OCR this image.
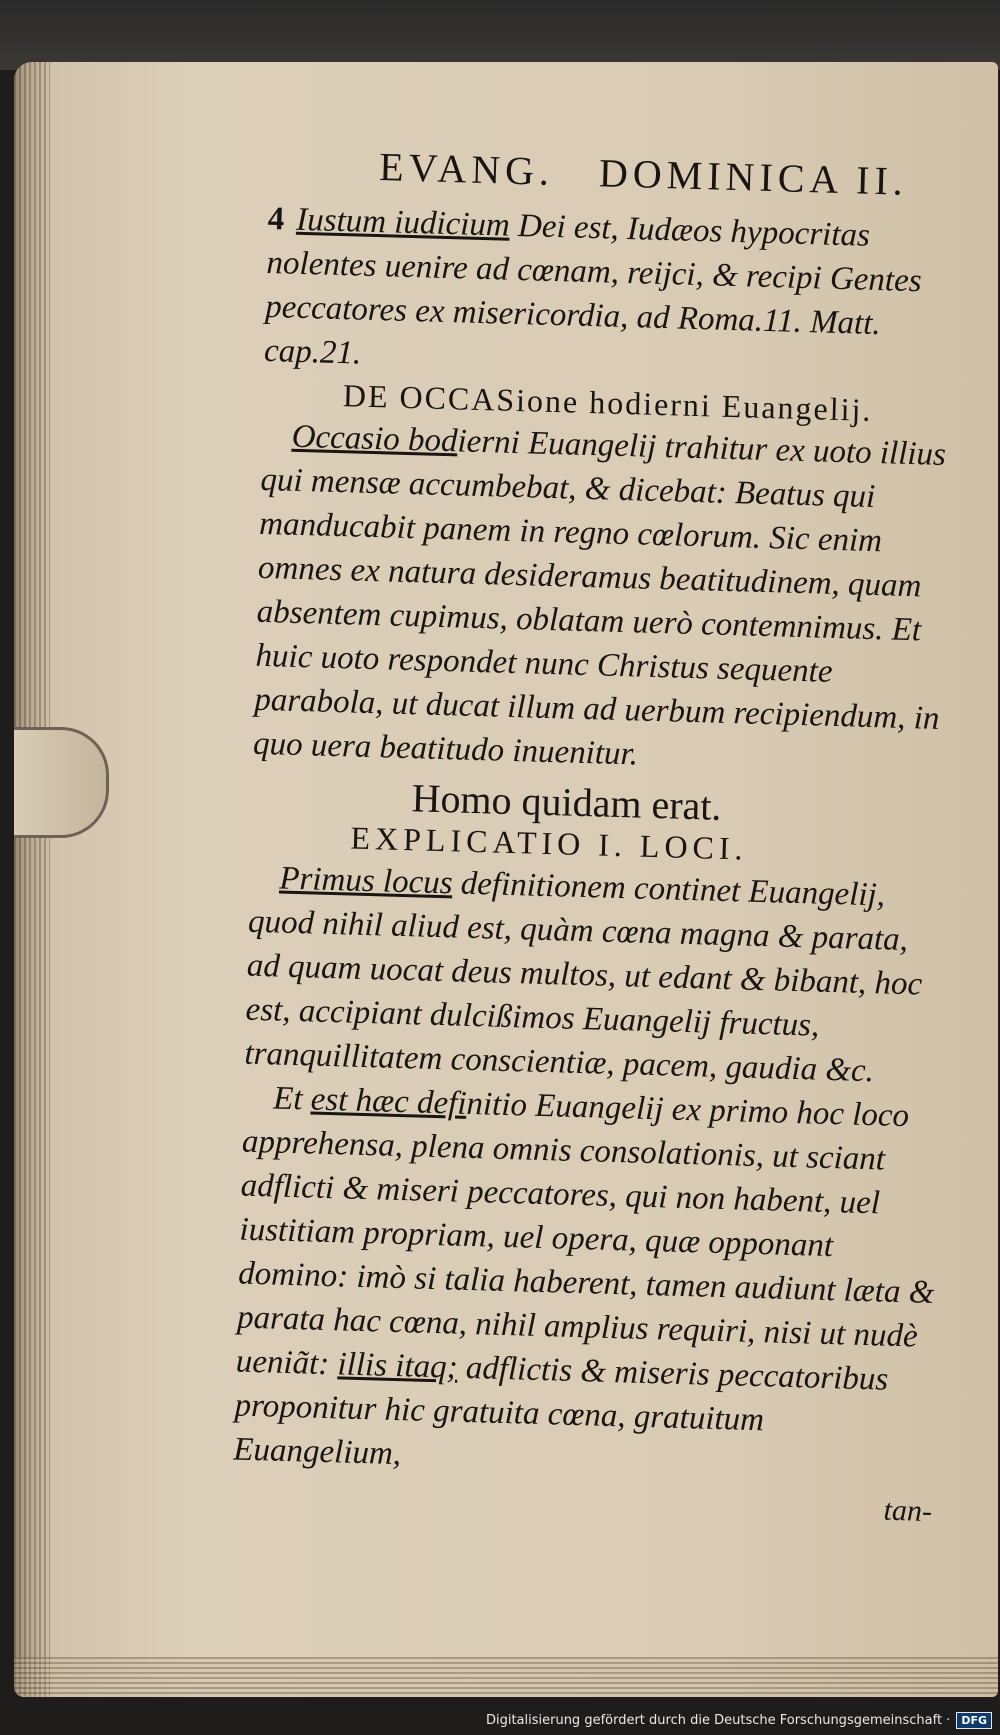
EVANG. DOMINICA II.

4 Iustum iudicium Dei est, Iudæos hypocritas nolentes uenire ad cœnam, reijci, & recipi Gentes peccatores ex misericordia, ad Roma.11. Matt. cap.21.

DE OCCASione hodierni Euangelij.

Occasio bodierni Euangelij trahitur ex uoto illius qui mensæ accumbebat, & dicebat: Beatus qui manducabit panem in regno cœlorum. Sic enim omnes ex natura desideramus beatitudinem, quam absentem cupimus, oblatam uerò contemnimus. Et huic uoto respondet nunc Christus sequente parabola, ut ducat illum ad uerbum recipiendum, in quo uera beatitudo inuenitur.

Homo quidam erat.
EXPLICATIO I. LOCI.

Primus locus definitionem continet Euangelij, quod nihil aliud est, quàm cœna magna & parata, ad quam uocat deus multos, ut edant & bibant, hoc est, accipiant dulcißimos Euangelij fructus, tranquillitatem conscientiæ, pacem, gaudia &c.

Et est hæc definitio Euangelij ex primo hoc loco apprehensa, plena omnis consolationis, ut sciant adflicti & miseri peccatores, qui non habent, uel iustitiam propriam, uel opera, quæ opponant domino: imò si talia haberent, tamen audiunt læta & parata hac cœna, nihil amplius requiri, nisi ut nudè ueniãt: illis itaq; adflictis & miseris peccatoribus proponitur hic gratuita cœna, gratuitum Euangelium,

tan-
Digitalisierung gefördert durch die Deutsche Forschungsgemeinschaft ·	DFG
